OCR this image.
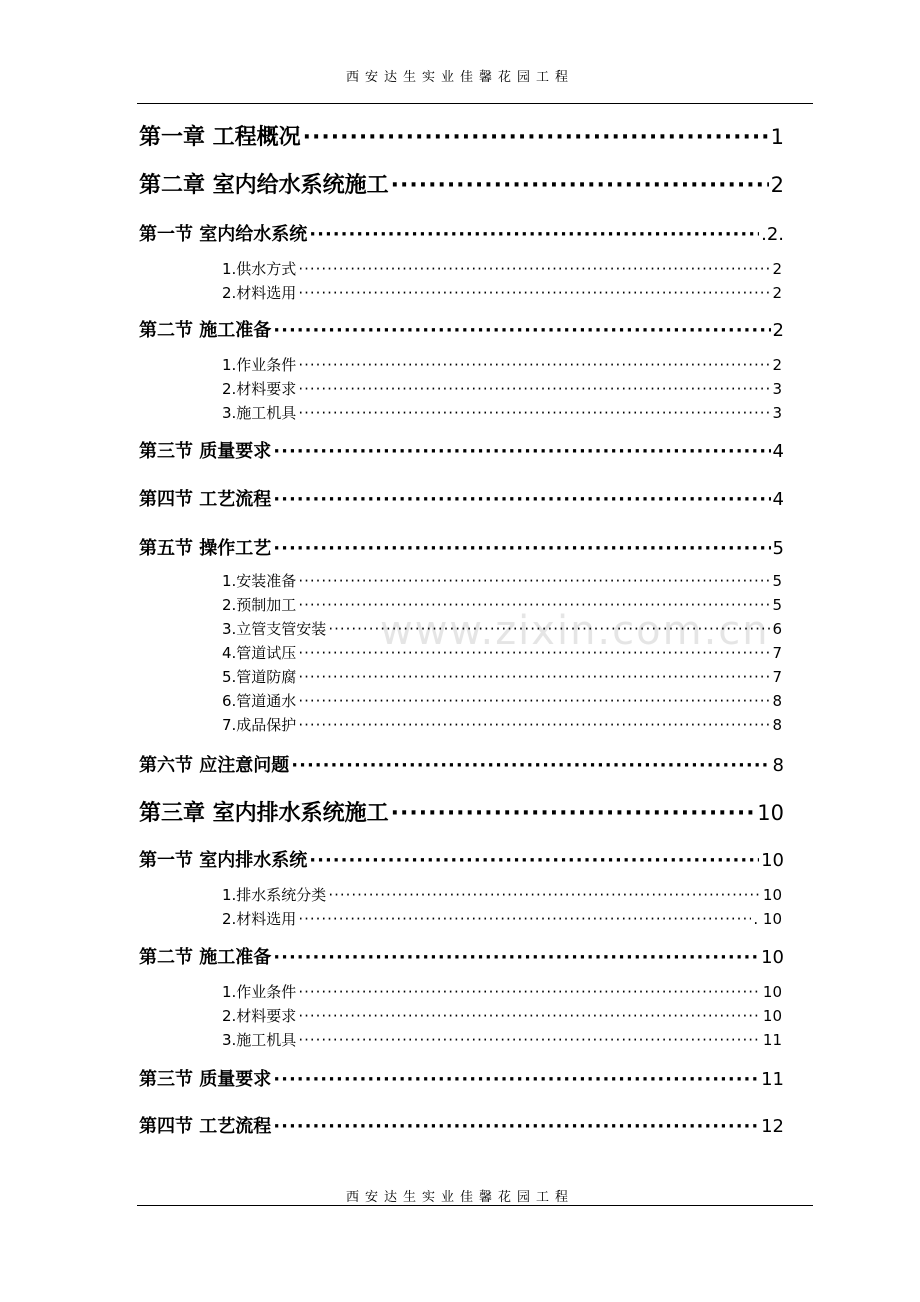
西安达生实业佳馨花园工程
www.zixin.com.cn
第一章 工程概况 ·····	1
第二章 室内给水系统施工 ·····	2
第一节 室内给水系统 ·····	.2.
1.供水方式 ·····	2
2.材料选用 ·····	2
第二节 施工准备 ·····	2
1.作业条件 ·····	2
2.材料要求 ·····	3
3.施工机具 ·····	3
第三节 质量要求 ·····	4
第四节 工艺流程 ·····	4
第五节 操作工艺 ·····	5
1.安装准备 ·····	5
2.预制加工 ·····	5
3.立管支管安装 ·····	6
4.管道试压 ·····	7
5.管道防腐 ·····	7
6.管道通水 ·····	8
7.成品保护 ·····	8
第六节 应注意问题 ·····	8
第三章 室内排水系统施工 ·····	10
第一节 室内排水系统 ·····	10
1.排水系统分类 ·····	10
2.材料选用 ·····	. 10
第二节 施工准备 ·····	10
1.作业条件 ·····	10
2.材料要求 ·····	10
3.施工机具 ·····	11
第三节 质量要求 ·····	11
第四节 工艺流程 ·····	12
西安达生实业佳馨花园工程
